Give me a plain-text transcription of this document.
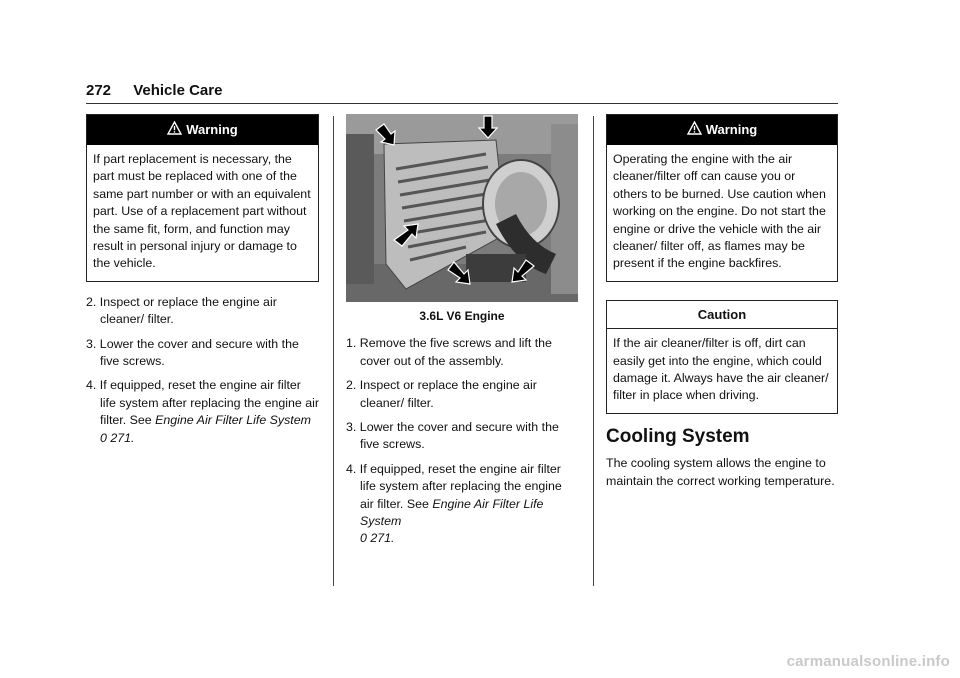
272 Vehicle Care
Warning
If part replacement is necessary, the part must be replaced with one of the same part number or with an equivalent part. Use of a replacement part without the same fit, form, and function may result in personal injury or damage to the vehicle.
2. Inspect or replace the engine air cleaner/ filter.
3. Lower the cover and secure with the five screws.
4. If equipped, reset the engine air filter life system after replacing the engine air filter. See Engine Air Filter Life System
0 271.
3.6L V6 Engine
1. Remove the five screws and lift the cover out of the assembly.
2. Inspect or replace the engine air cleaner/ filter.
3. Lower the cover and secure with the five screws.
4. If equipped, reset the engine air filter life system after replacing the engine air filter. See Engine Air Filter Life System
0 271.
Warning
Operating the engine with the air cleaner/filter off can cause you or others to be burned. Use caution when working on the engine. Do not start the engine or drive the vehicle with the air cleaner/ filter off, as flames may be present if the engine backfires.
Caution
If the air cleaner/filter is off, dirt can easily get into the engine, which could damage it. Always have the air cleaner/ filter in place when driving.
Cooling System
The cooling system allows the engine to maintain the correct working temperature.
carmanualsonline.info
